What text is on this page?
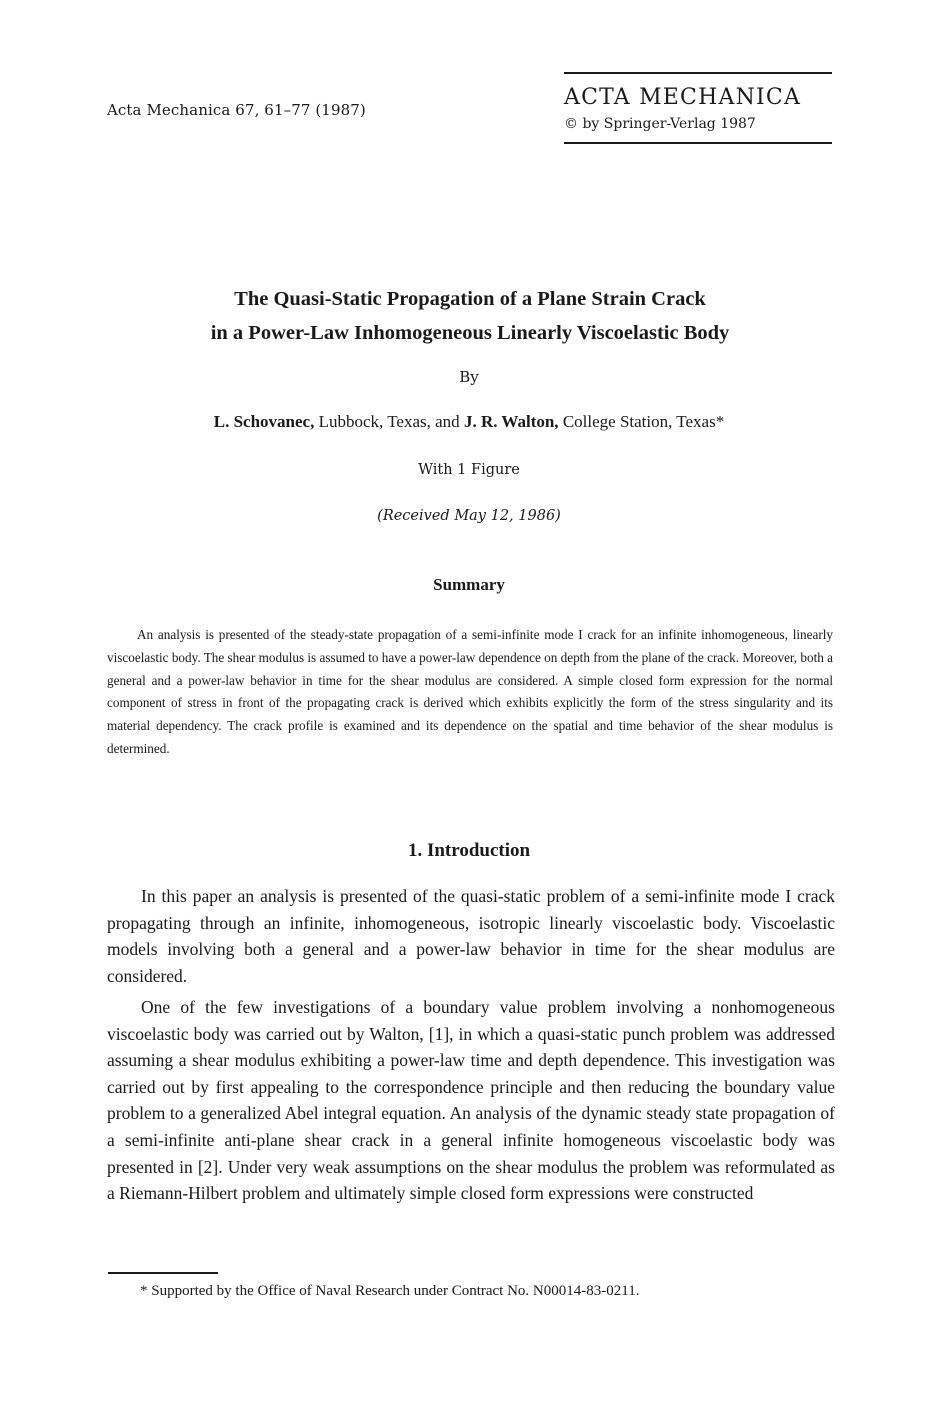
Acta Mechanica 67, 61–77 (1987)	ACTA MECHANICA
© by Springer-Verlag 1987
The Quasi-Static Propagation of a Plane Strain Crack
in a Power-Law Inhomogeneous Linearly Viscoelastic Body
By
L. Schovanec, Lubbock, Texas, and J. R. Walton, College Station, Texas*
With 1 Figure
(Received May 12, 1986)
Summary
An analysis is presented of the steady-state propagation of a semi-infinite mode I crack for an infinite inhomogeneous, linearly viscoelastic body. The shear modulus is assumed to have a power-law dependence on depth from the plane of the crack. Moreover, both a general and a power-law behavior in time for the shear modulus are considered. A simple closed form expression for the normal component of stress in front of the propagating crack is derived which exhibits explicitly the form of the stress singularity and its material dependency. The crack profile is examined and its dependence on the spatial and time behavior of the shear modulus is determined.
1. Introduction
In this paper an analysis is presented of the quasi-static problem of a semi-infinite mode I crack propagating through an infinite, inhomogeneous, isotropic linearly viscoelastic body. Viscoelastic models involving both a general and a power-law behavior in time for the shear modulus are considered.
One of the few investigations of a boundary value problem involving a nonhomogeneous viscoelastic body was carried out by Walton, [1], in which a quasi-static punch problem was addressed assuming a shear modulus exhibiting a power-law time and depth dependence. This investigation was carried out by first appealing to the correspondence principle and then reducing the boundary value problem to a generalized Abel integral equation. An analysis of the dynamic steady state propagation of a semi-infinite anti-plane shear crack in a general infinite homogeneous viscoelastic body was presented in [2]. Under very weak assumptions on the shear modulus the problem was reformulated as a Riemann-Hilbert problem and ultimately simple closed form expressions were constructed
* Supported by the Office of Naval Research under Contract No. N00014-83-0211.
